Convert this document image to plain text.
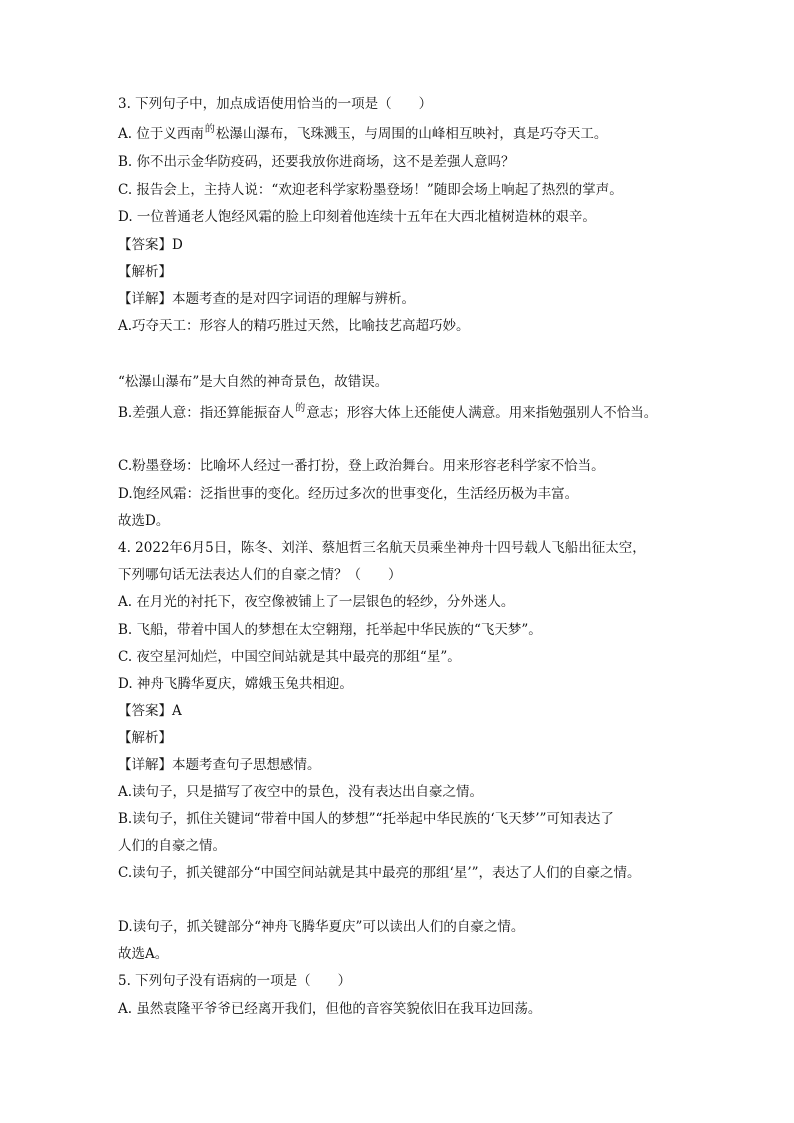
3. 下列句子中，加点成语使用恰当的一项是（　　）

A. 位于义西南$^的$松瀑山瀑布，飞珠溅玉，与周围的山峰相互映衬，真是巧夺天工。

B. 你不出示金华防疫码，还要我放你进商场，这不是差强人意吗？

C. 报告会上，主持人说：“欢迎老科学家粉墨登场！”随即会场上响起了热烈的掌声。

D. 一位普通老人饱经风霜的脸上印刻着他连续十五年在大西北植树造林的艰辛。

【答案】D

【解析】

【详解】本题考查的是对四字词语的理解与辨析。

A.巧夺天工：形容人的精巧胜过天然，比喻技艺高超巧妙。

“松瀑山瀑布”是大自然的神奇景色，故错误。

B.差强人意：指还算能振奋人$^的$意志；形容大体上还能使人满意。用来指勉强别人不恰当。

C.粉墨登场：比喻坏人经过一番打扮，登上政治舞台。用来形容老科学家不恰当。

D.饱经风霜：泛指世事的变化。经历过多次的世事变化，生活经历极为丰富。

故选D。

4. 2022年6月5日，陈冬、刘洋、蔡旭哲三名航天员乘坐神舟十四号载人飞船出征太空，

下列哪句话无法表达人们的自豪之情？（　　）

A. 在月光的衬托下，夜空像被铺上了一层银色的轻纱，分外迷人。

B. 飞船，带着中国人的梦想在太空翱翔，托举起中华民族的“飞天梦”。

C. 夜空星河灿烂，中国空间站就是其中最亮的那组“星”。

D. 神舟飞腾华夏庆，嫦娥玉兔共相迎。

【答案】A

【解析】

【详解】本题考查句子思想感情。

A.读句子，只是描写了夜空中的景色，没有表达出自豪之情。

B.读句子，抓住关键词“带着中国人的梦想”“托举起中华民族的‘飞天梦’”可知表达了

人们的自豪之情。

C.读句子，抓关键部分“中国空间站就是其中最亮的那组‘星’”，表达了人们的自豪之情。

D.读句子，抓关键部分“神舟飞腾华夏庆”可以读出人们的自豪之情。

故选A。

5. 下列句子没有语病的一项是（　　）

A. 虽然袁隆平爷爷已经离开我们，但他的音容笑貌依旧在我耳边回荡。
